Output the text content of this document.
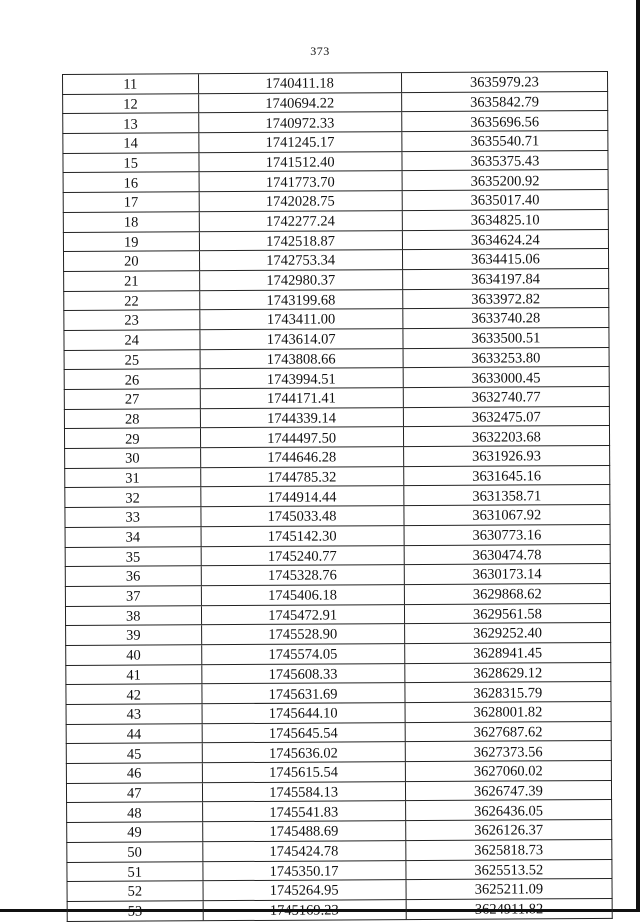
373
11	1740411.18	3635979.23
12	1740694.22	3635842.79
13	1740972.33	3635696.56
14	1741245.17	3635540.71
15	1741512.40	3635375.43
16	1741773.70	3635200.92
17	1742028.75	3635017.40
18	1742277.24	3634825.10
19	1742518.87	3634624.24
20	1742753.34	3634415.06
21	1742980.37	3634197.84
22	1743199.68	3633972.82
23	1743411.00	3633740.28
24	1743614.07	3633500.51
25	1743808.66	3633253.80
26	1743994.51	3633000.45
27	1744171.41	3632740.77
28	1744339.14	3632475.07
29	1744497.50	3632203.68
30	1744646.28	3631926.93
31	1744785.32	3631645.16
32	1744914.44	3631358.71
33	1745033.48	3631067.92
34	1745142.30	3630773.16
35	1745240.77	3630474.78
36	1745328.76	3630173.14
37	1745406.18	3629868.62
38	1745472.91	3629561.58
39	1745528.90	3629252.40
40	1745574.05	3628941.45
41	1745608.33	3628629.12
42	1745631.69	3628315.79
43	1745644.10	3628001.82
44	1745645.54	3627687.62
45	1745636.02	3627373.56
46	1745615.54	3627060.02
47	1745584.13	3626747.39
48	1745541.83	3626436.05
49	1745488.69	3626126.37
50	1745424.78	3625818.73
51	1745350.17	3625513.52
52	1745264.95	3625211.09
53	1745169.23	3624911.82
